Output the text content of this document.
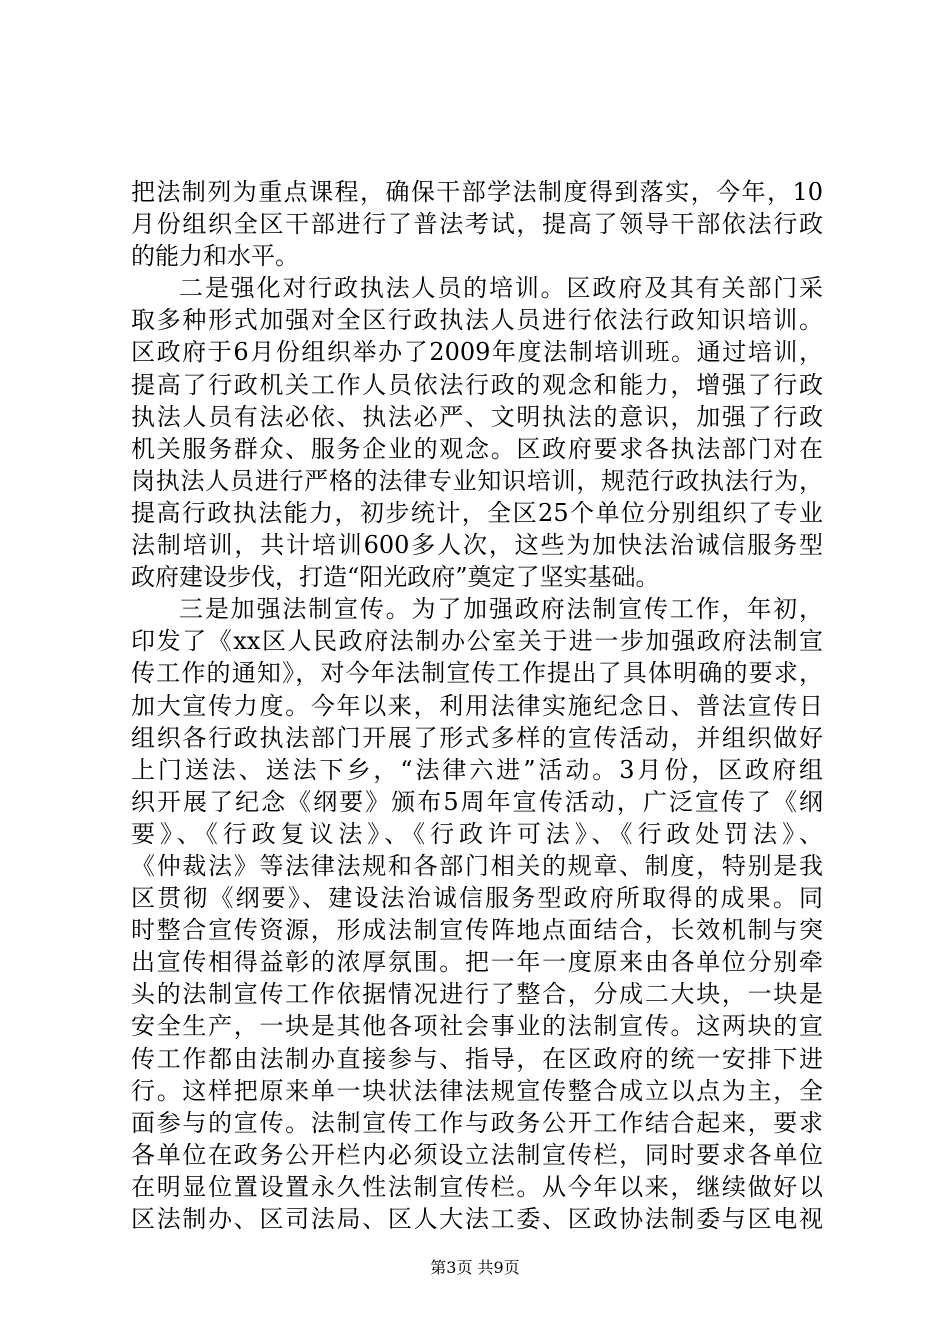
把法制列为重点课程，确保干部学法制度得到落实，今年，10
月份组织全区干部进行了普法考试，提高了领导干部依法行政
的能力和水平。
二是强化对行政执法人员的培训。区政府及其有关部门采
取多种形式加强对全区行政执法人员进行依法行政知识培训。
区政府于6月份组织举办了2009年度法制培训班。通过培训，
提高了行政机关工作人员依法行政的观念和能力，增强了行政
执法人员有法必依、执法必严、文明执法的意识，加强了行政
机关服务群众、服务企业的观念。区政府要求各执法部门对在
岗执法人员进行严格的法律专业知识培训，规范行政执法行为，
提高行政执法能力，初步统计，全区25个单位分别组织了专业
法制培训，共计培训600多人次，这些为加快法治诚信服务型
政府建设步伐，打造“阳光政府”奠定了坚实基础。
三是加强法制宣传。为了加强政府法制宣传工作，年初，
印发了《xx区人民政府法制办公室关于进一步加强政府法制宣
传工作的通知》，对今年法制宣传工作提出了具体明确的要求，
加大宣传力度。今年以来，利用法律实施纪念日、普法宣传日
组织各行政执法部门开展了形式多样的宣传活动，并组织做好
上门送法、送法下乡，“法律六进”活动。3月份，区政府组
织开展了纪念《纲要》颁布5周年宣传活动，广泛宣传了《纲
要》、《行政复议法》、《行政许可法》、《行政处罚法》、
《仲裁法》等法律法规和各部门相关的规章、制度，特别是我
区贯彻《纲要》、建设法治诚信服务型政府所取得的成果。同
时整合宣传资源，形成法制宣传阵地点面结合，长效机制与突
出宣传相得益彰的浓厚氛围。把一年一度原来由各单位分别牵
头的法制宣传工作依据情况进行了整合，分成二大块，一块是
安全生产，一块是其他各项社会事业的法制宣传。这两块的宣
传工作都由法制办直接参与、指导，在区政府的统一安排下进
行。这样把原来单一块状法律法规宣传整合成立以点为主，全
面参与的宣传。法制宣传工作与政务公开工作结合起来，要求
各单位在政务公开栏内必须设立法制宣传栏，同时要求各单位
在明显位置设置永久性法制宣传栏。从今年以来，继续做好以
区法制办、区司法局、区人大法工委、区政协法制委与区电视
第3页 共9页
